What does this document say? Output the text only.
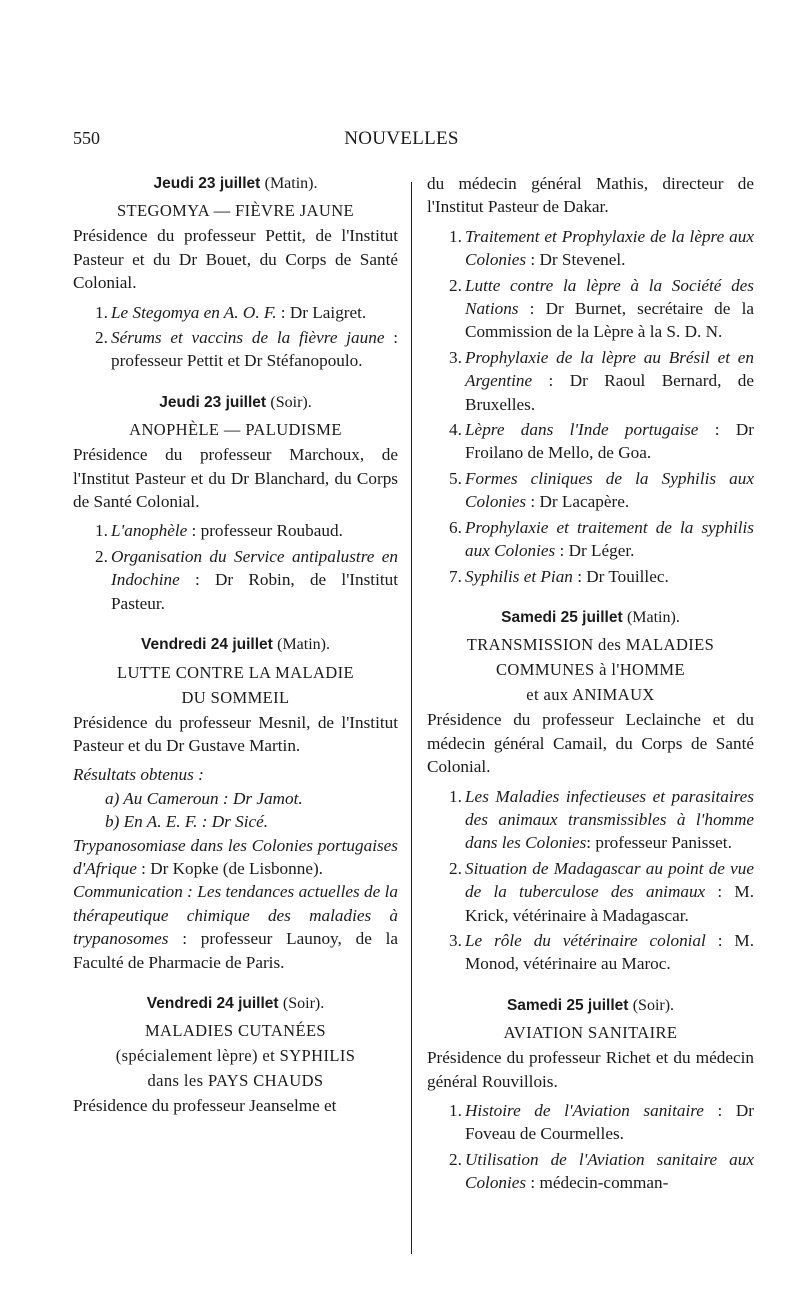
550	NOUVELLES
Jeudi 23 juillet (Matin).
STEGOMYA — FIÈVRE JAUNE

Présidence du professeur Pettit, de l'Institut Pasteur et du Dr Bouet, du Corps de Santé Colonial.

1. Le Stegomya en A. O. F. : Dr Laigret.
2. Sérums et vaccins de la fièvre jaune : professeur Pettit et Dr Stéfanopoulo.
Jeudi 23 juillet (Soir).
ANOPHÈLE — PALUDISME

Présidence du professeur Marchoux, de l'Institut Pasteur et du Dr Blanchard, du Corps de Santé Colonial.

1. L'anophèle : professeur Roubaud.
2. Organisation du Service antipalustre en Indochine : Dr Robin, de l'Institut Pasteur.
Vendredi 24 juillet (Matin).
LUTTE CONTRE LA MALADIE
DU SOMMEIL

Présidence du professeur Mesnil, de l'Institut Pasteur et du Dr Gustave Martin.

Résultats obtenus :

a) Au Cameroun : Dr Jamot.

b) En A. E. F. : Dr Sicé.

Trypanosomiase dans les Colonies portugaises d'Afrique : Dr Kopke (de Lisbonne).

Communication : Les tendances actuelles de la thérapeutique chimique des maladies à trypanosomes : professeur Launoy, de la Faculté de Pharmacie de Paris.

Vendredi 24 juillet (Soir).
MALADIES CUTANÉES
(spécialement lèpre) et SYPHILIS
dans les PAYS CHAUDS

Présidence du professeur Jeanselme et

du médecin général Mathis, directeur de l'Institut Pasteur de Dakar.

1. Traitement et Prophylaxie de la lèpre aux Colonies : Dr Stevenel.
2. Lutte contre la lèpre à la Société des Nations : Dr Burnet, secrétaire de la Commission de la Lèpre à la S. D. N.
3. Prophylaxie de la lèpre au Brésil et en Argentine : Dr Raoul Bernard, de Bruxelles.
4. Lèpre dans l'Inde portugaise : Dr Froilano de Mello, de Goa.
5. Formes cliniques de la Syphilis aux Colonies : Dr Lacapère.
6. Prophylaxie et traitement de la syphilis aux Colonies : Dr Léger.
7. Syphilis et Pian : Dr Touillec.
Samedi 25 juillet (Matin).
TRANSMISSION des MALADIES
COMMUNES à l'HOMME
et aux ANIMAUX

Présidence du professeur Leclainche et du médecin général Camail, du Corps de Santé Colonial.

1. Les Maladies infectieuses et parasitaires des animaux transmissibles à l'homme dans les Colonies: professeur Panisset.
2. Situation de Madagascar au point de vue de la tuberculose des animaux : M. Krick, vétérinaire à Madagascar.
3. Le rôle du vétérinaire colonial : M. Monod, vétérinaire au Maroc.
Samedi 25 juillet (Soir).
AVIATION SANITAIRE

Présidence du professeur Richet et du médecin général Rouvillois.

1. Histoire de l'Aviation sanitaire : Dr Foveau de Courmelles.
2. Utilisation de l'Aviation sanitaire aux Colonies : médecin-comman-
